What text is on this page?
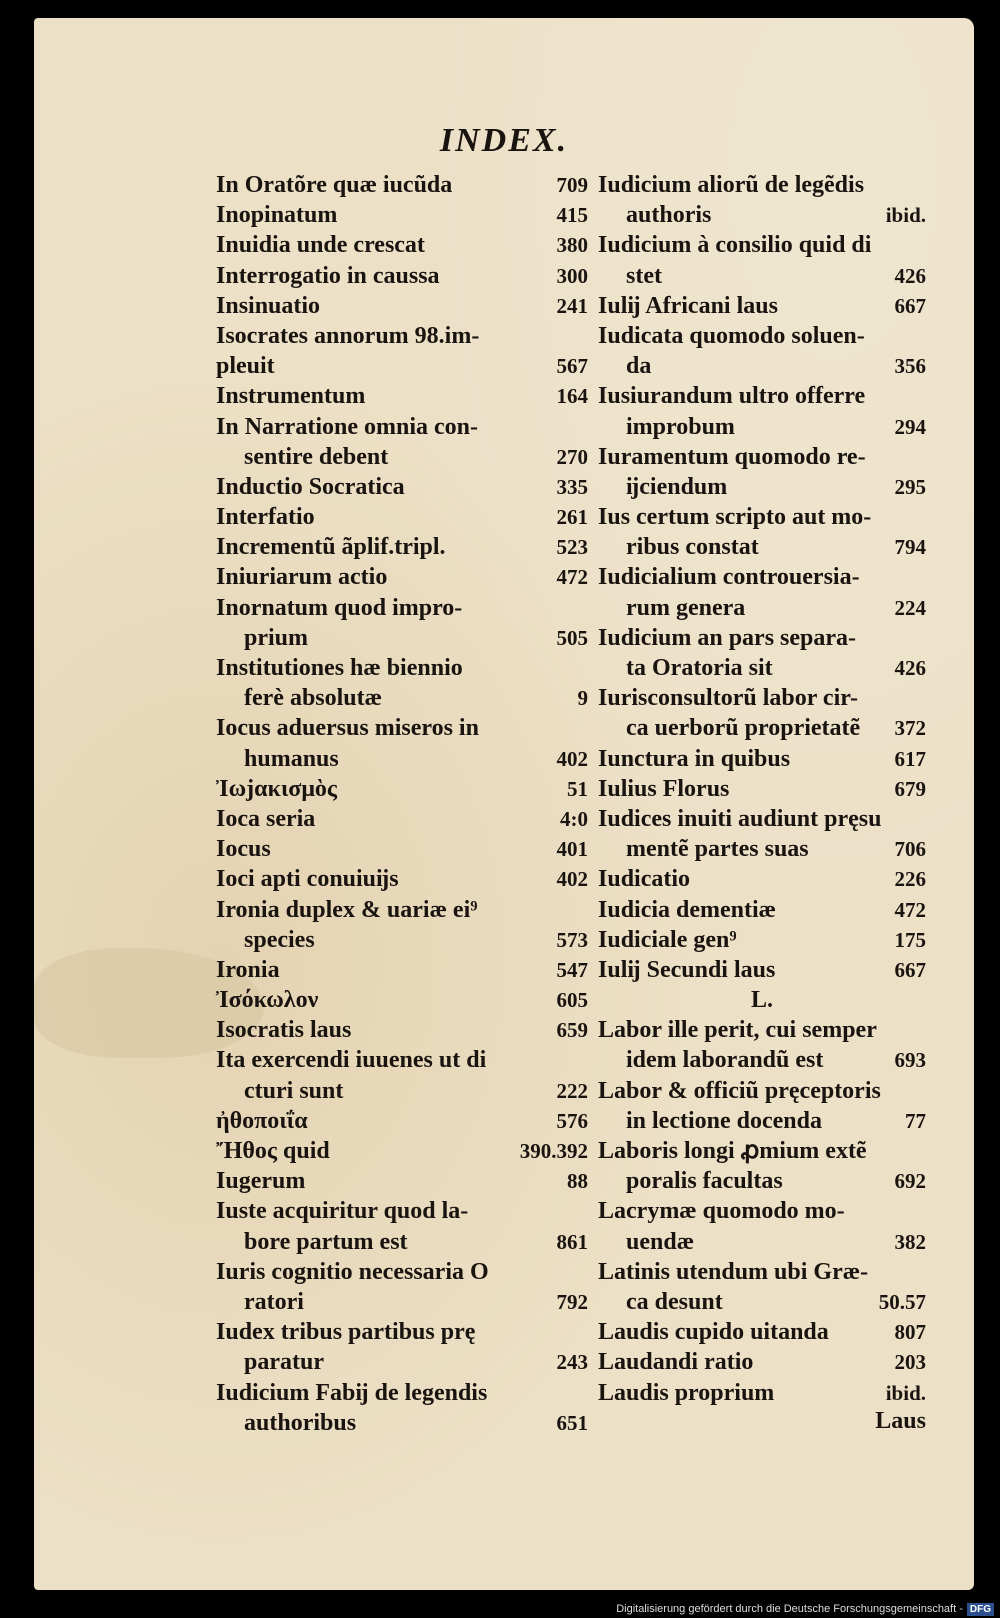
INDEX.
In Oratõre quæ iucũda	709
Inopinatum	415
Inuidia unde crescat	380
Interrogatio in caussa	300
Insinuatio	241
Isocrates annorum 98.im-
pleuit	567
Instrumentum	164
In Narratione omnia con-
sentire debent	270
Inductio Socratica	335
Interfatio	261
Incrementũ ãplif.tripl.	523
Iniuriarum actio	472
Inornatum quod impro-
prium	505
Institutiones hæ biennio
ferè absolutæ	9
Iocus aduersus miseros in
humanus	402
Ἰωjακισμὸς	51
Ioca seria	4:0
Iocus	401
Ioci apti conuiuĳs	402
Ironia duplex & uariæ ei⁹
species	573
Ironia	547
Ἰσόκωλον	605
Isocratis laus	659
Ita exercendi iuuenes ut di
cturi sunt	222
ἠθοποιΐα	576
Ἤθος quid	390.392
Iugerum	88
Iuste acquiritur quod la-
bore partum est	861
Iuris cognitio necessaria O
ratori	792
Iudex tribus partibus prę
paratur	243
Iudicium Fabĳ de legendis
authoribus	651
Iudicium aliorũ de legẽdis
authoris	ibid.
Iudicium à consilio quid di
stet	426
Iulĳ Africani laus	667
Iudicata quomodo soluen-
da	356
Iusiurandum ultro offerre
improbum	294
Iuramentum quomodo re-
ĳciendum	295
Ius certum scripto aut mo-
ribus constat	794
Iudicialium controuersia-
rum genera	224
Iudicium an pars separa-
ta Oratoria sit	426
Iurisconsultorũ labor cir-
ca uerborũ proprietatẽ 372
Iunctura in quibus	617
Iulius Florus	679
Iudices inuiti audiunt pręsu
mentẽ partes suas	706
Iudicatio	226
Iudicia dementiæ	472
Iudiciale gen⁹	175
Iulĳ Secundi laus	667
L.
Labor ille perit, cui semper
idem laborandũ est	693
Labor & officiũ pręceptoris
in lectione docenda	77
Laboris longi ꝓmium extẽ
poralis facultas	692
Lacrymæ quomodo mo-
uendæ	382
Latinis utendum ubi Græ-
ca desunt	50.57
Laudis cupido uitanda	807
Laudandi ratio	203
Laudis proprium	ibid.
Laus
Digitalisierung gefördert durch die Deutsche Forschungsgemeinschaft - DFG
